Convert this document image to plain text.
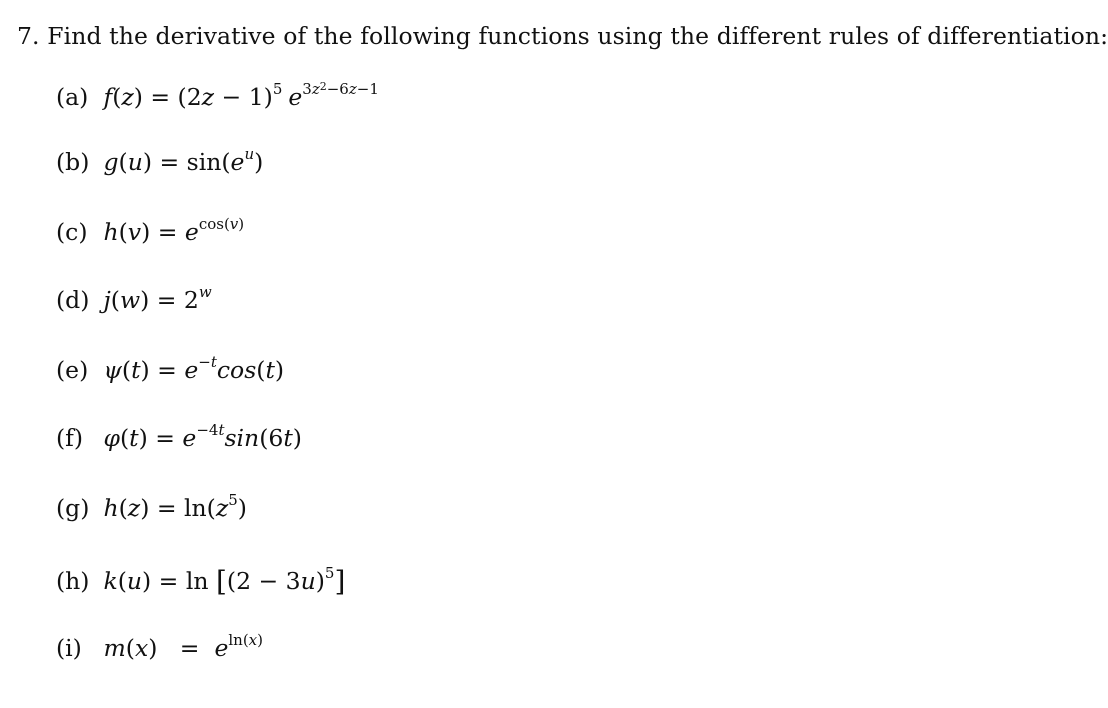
7. Find the derivative of the following functions using the different rules of differentiation:
(a) $f(z) = (2z - 1)^5$ $e^{3z^2-6z-1}$
(b) $g(u) = \sin(e^u)$
(c) $h(v) = e^{cos(v)}$
(d) $j(w) = 2^w$
(e) $\psi(t) = e^{-t}\cos(t)$
(f) $\varphi(t) = e^{-4t}\sin(6t)$
(g) $h(z) = \ln(z^5)$
(h) $k(u) = \ln [(2 - 3u)^5]$
(i) $m(x) = e^{ln(x)}$
